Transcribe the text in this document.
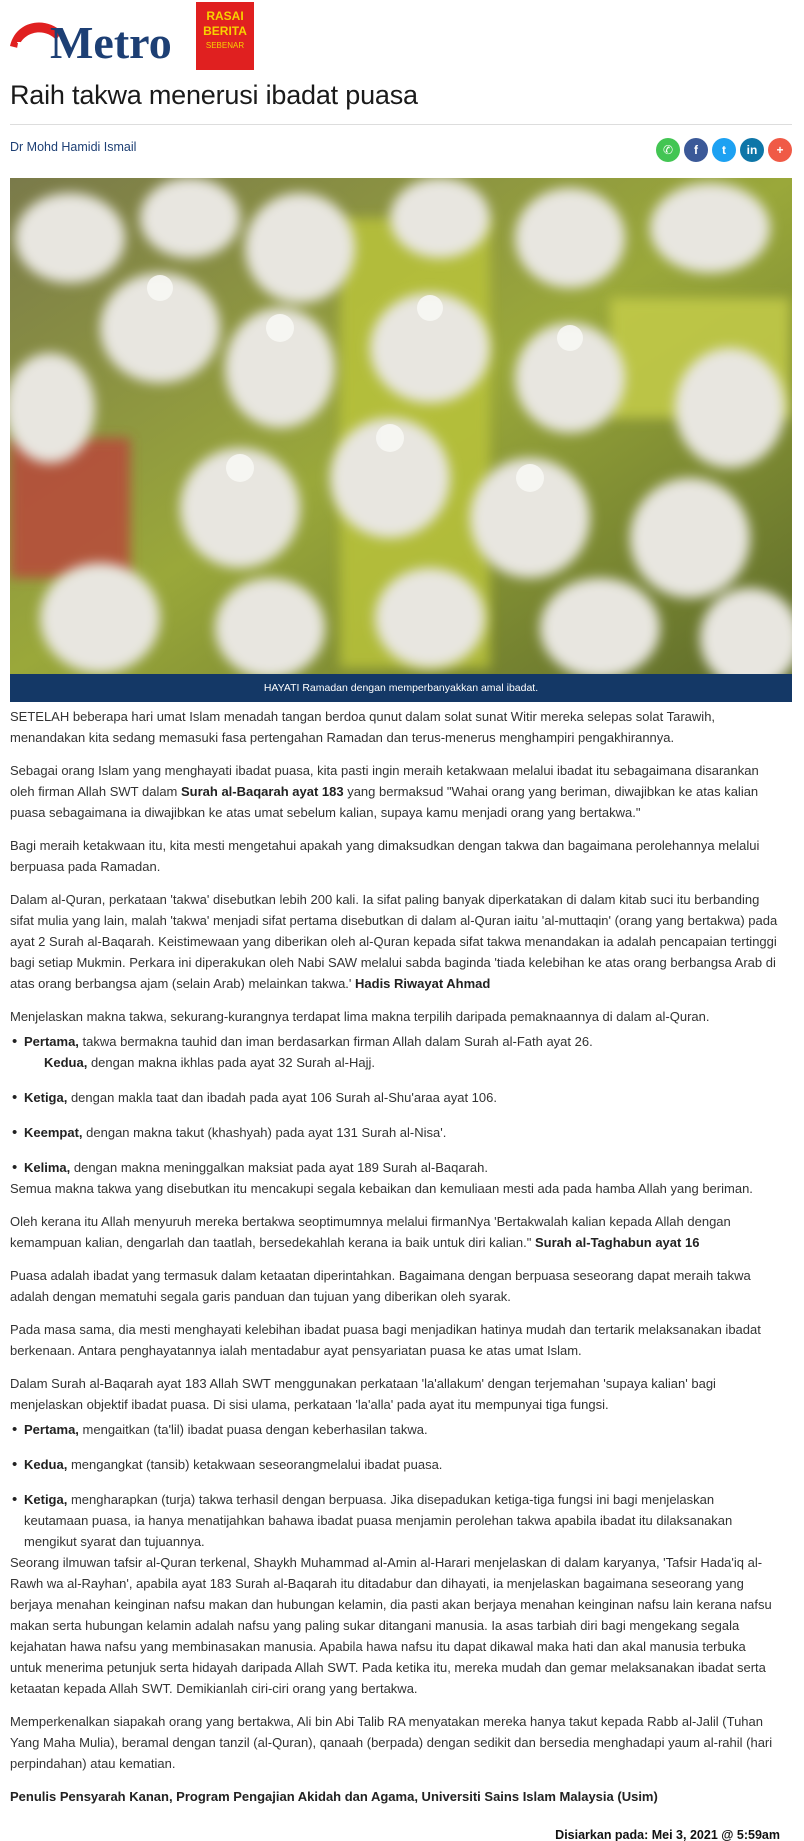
my Metro
RASAI
BERITA
SEBENAR
Raih takwa menerusi ibadat puasa
Dr Mohd Hamidi Ismail	✆ f t in +
HAYATI Ramadan dengan memperbanyakkan amal ibadat.

SETELAH beberapa hari umat Islam menadah tangan berdoa qunut dalam solat sunat Witir mereka selepas solat Tarawih, menandakan kita sedang memasuki fasa pertengahan Ramadan dan terus-menerus menghampiri pengakhirannya.

Sebagai orang Islam yang menghayati ibadat puasa, kita pasti ingin meraih ketakwaan melalui ibadat itu sebagaimana disarankan oleh firman Allah SWT dalam Surah al-Baqarah ayat 183 yang bermaksud "Wahai orang yang beriman, diwajibkan ke atas kalian puasa sebagaimana ia diwajibkan ke atas umat sebelum kalian, supaya kamu menjadi orang yang bertakwa."

Bagi meraih ketakwaan itu, kita mesti mengetahui apakah yang dimaksudkan dengan takwa dan bagaimana perolehannya melalui berpuasa pada Ramadan.

Dalam al-Quran, perkataan 'takwa' disebutkan lebih 200 kali. Ia sifat paling banyak diperkatakan di dalam kitab suci itu berbanding sifat mulia yang lain, malah 'takwa' menjadi sifat pertama disebutkan di dalam al-Quran iaitu 'al-muttaqin' (orang yang bertakwa) pada ayat 2 Surah al-Baqarah. Keistimewaan yang diberikan oleh al-Quran kepada sifat takwa menandakan ia adalah pencapaian tertinggi bagi setiap Mukmin. Perkara ini diperakukan oleh Nabi SAW melalui sabda baginda 'tiada kelebihan ke atas orang berbangsa Arab di atas orang berbangsa ajam (selain Arab) melainkan takwa.' Hadis Riwayat Ahmad

Menjelaskan makna takwa, sekurang-kurangnya terdapat lima makna terpilih daripada pemaknaannya di dalam al-Quran.

• Pertama, takwa bermakna tauhid dan iman berdasarkan firman Allah dalam Surah al-Fath ayat 26.
Kedua, dengan makna ikhlas pada ayat 32 Surah al-Hajj.
• Ketiga, dengan makla taat dan ibadah pada ayat 106 Surah al-Shu'araa ayat 106.
• Keempat, dengan makna takut (khashyah) pada ayat 131 Surah al-Nisa'.
• Kelima, dengan makna meninggalkan maksiat pada ayat 189 Surah al-Baqarah.

Semua makna takwa yang disebutkan itu mencakupi segala kebaikan dan kemuliaan mesti ada pada hamba Allah yang beriman.

Oleh kerana itu Allah menyuruh mereka bertakwa seoptimumnya melalui firmanNya 'Bertakwalah kalian kepada Allah dengan kemampuan kalian, dengarlah dan taatlah, bersedekahlah kerana ia baik untuk diri kalian." Surah al-Taghabun ayat 16

Puasa adalah ibadat yang termasuk dalam ketaatan diperintahkan. Bagaimana dengan berpuasa seseorang dapat meraih takwa adalah dengan mematuhi segala garis panduan dan tujuan yang diberikan oleh syarak.

Pada masa sama, dia mesti menghayati kelebihan ibadat puasa bagi menjadikan hatinya mudah dan tertarik melaksanakan ibadat berkenaan. Antara penghayatannya ialah mentadabur ayat pensyariatan puasa ke atas umat Islam.

Dalam Surah al-Baqarah ayat 183 Allah SWT menggunakan perkataan 'la'allakum' dengan terjemahan 'supaya kalian' bagi menjelaskan objektif ibadat puasa. Di sisi ulama, perkataan 'la'alla' pada ayat itu mempunyai tiga fungsi.

• Pertama, mengaitkan (ta'lil) ibadat puasa dengan keberhasilan takwa.
• Kedua, mengangkat (tansib) ketakwaan seseorangmelalui ibadat puasa.
• Ketiga, mengharapkan (turja) takwa terhasil dengan berpuasa. Jika disepadukan ketiga-tiga fungsi ini bagi menjelaskan keutamaan puasa, ia hanya menatijahkan bahawa ibadat puasa menjamin perolehan takwa apabila ibadat itu dilaksanakan mengikut syarat dan tujuannya.

Seorang ilmuwan tafsir al-Quran terkenal, Shaykh Muhammad al-Amin al-Harari menjelaskan di dalam karyanya, 'Tafsir Hada'iq al-Rawh wa al-Rayhan', apabila ayat 183 Surah al-Baqarah itu ditadabur dan dihayati, ia menjelaskan bagaimana seseorang yang berjaya menahan keinginan nafsu makan dan hubungan kelamin, dia pasti akan berjaya menahan keinginan nafsu lain kerana nafsu makan serta hubungan kelamin adalah nafsu yang paling sukar ditangani manusia. Ia asas tarbiah diri bagi mengekang segala kejahatan hawa nafsu yang membinasakan manusia. Apabila hawa nafsu itu dapat dikawal maka hati dan akal manusia terbuka untuk menerima petunjuk serta hidayah daripada Allah SWT. Pada ketika itu, mereka mudah dan gemar melaksanakan ibadat serta ketaatan kepada Allah SWT. Demikianlah ciri-ciri orang yang bertakwa.

Memperkenalkan siapakah orang yang bertakwa, Ali bin Abi Talib RA menyatakan mereka hanya takut kepada Rabb al-Jalil (Tuhan Yang Maha Mulia), beramal dengan tanzil (al-Quran), qanaah (berpada) dengan sedikit dan bersedia menghadapi yaum al-rahil (hari perpindahan) atau kematian.

Penulis Pensyarah Kanan, Program Pengajian Akidah dan Agama, Universiti Sains Islam Malaysia (Usim)

Disiarkan pada: Mei 3, 2021 @ 5:59am
